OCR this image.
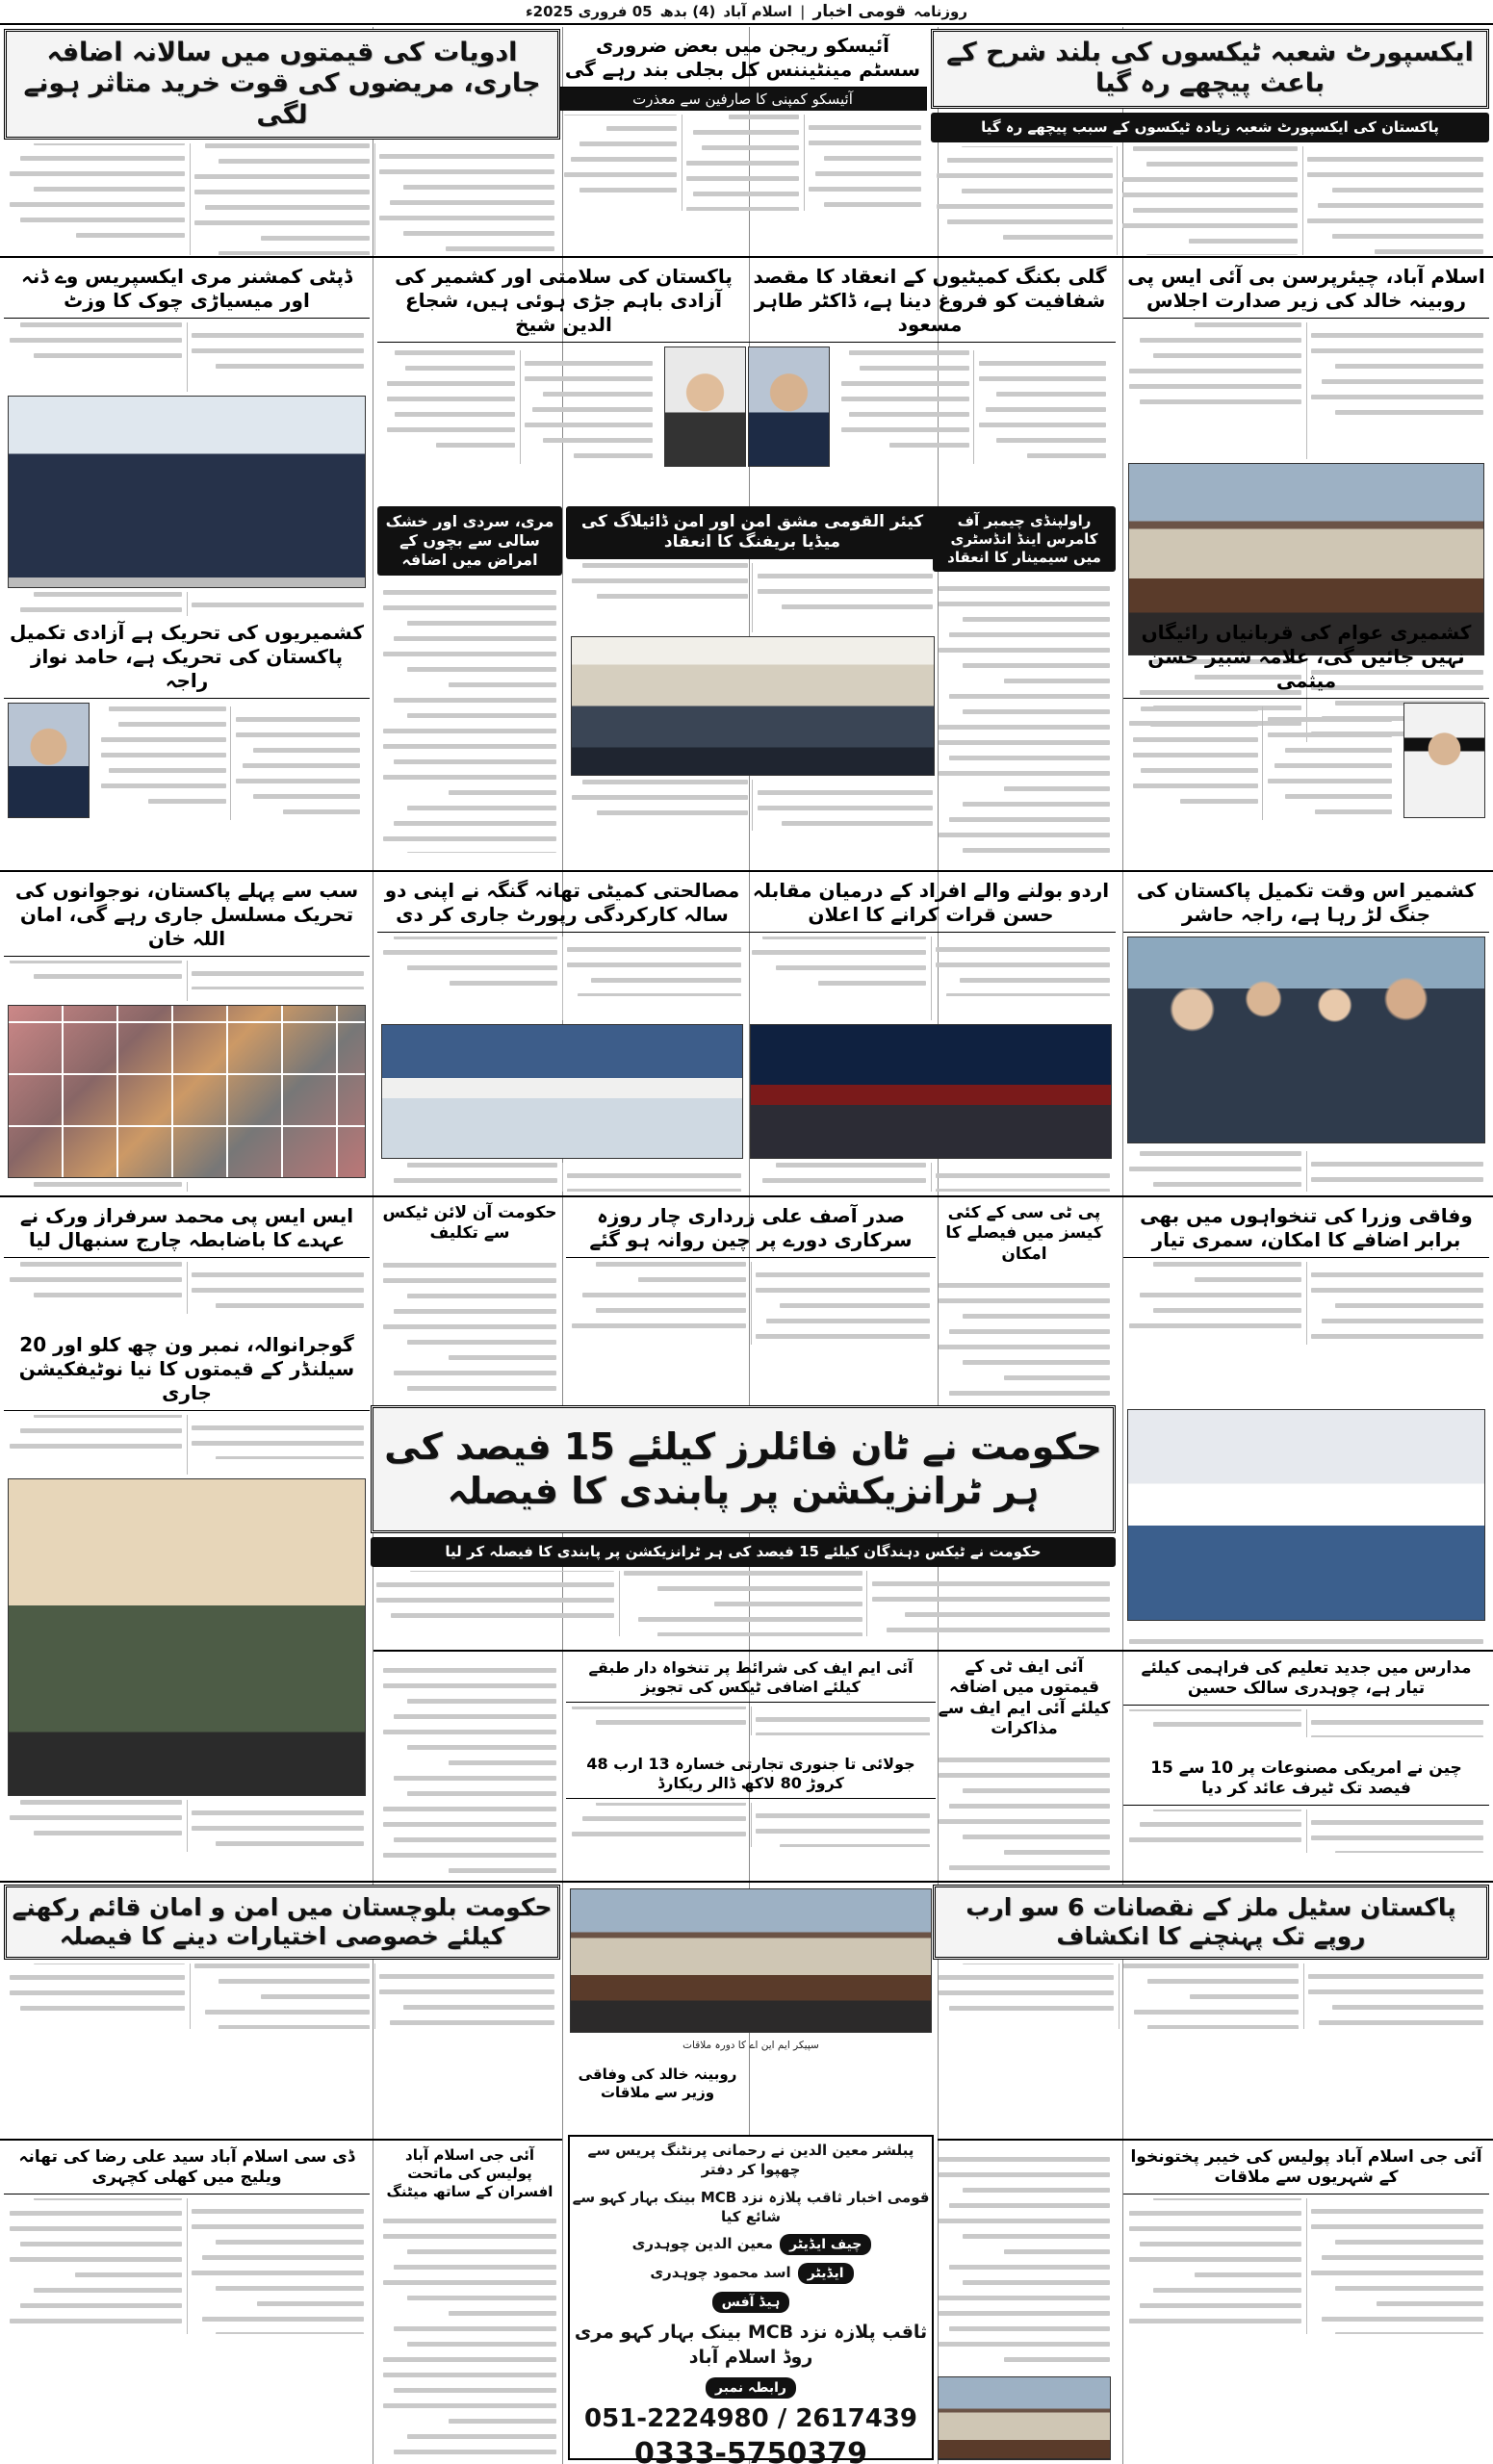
روزنامہ
قومی اخبار
|
اسلام آباد
(4) بدھ
05 فروری 2025ء
ایکسپورٹ شعبہ ٹیکسوں کی بلند شرح کے باعث پیچھے رہ گیا
پاکستان کی ایکسپورٹ شعبہ زیادہ ٹیکسوں کے سبب پیچھے رہ گیا
آئیسکو ریجن میں بعض ضروری سسٹم مینٹیننس کل بجلی بند رہے گی
آئیسکو کمپنی کا صارفین سے معذرت
ادویات کی قیمتوں میں سالانہ اضافہ جاری، مریضوں کی قوت خرید متاثر ہونے لگی
اسلام آباد، چیئرپرسن بی آئی ایس پی روبینہ خالد کی زیر صدارت اجلاس
گلی بکنگ کمیٹیوں کے انعقاد کا مقصد شفافیت کو فروغ دینا ہے، ڈاکٹر طاہر مسعود
پاکستان کی سلامتی اور کشمیر کی آزادی باہم جڑی ہوئی ہیں، شجاع الدین شیخ
ڈپٹی کمشنر مری ایکسپریس وے ڈنہ اور میسیاڑی چوک کا وزٹ
کیئر القومی مشق امن اور امن ڈائیلاگ کی میڈیا بریفنگ کا انعقاد
مری، سردی اور خشک سالی سے بچوں کے امراض میں اضافہ
راولپنڈی چیمبر آف کامرس اینڈ انڈسٹری میں سیمینار کا انعقاد
کشمیری عوام کی قربانیاں رائیگاں نہیں جائیں گی، علامہ شبیر حسن میثمی
کشمیریوں کی تحریک ہے آزادی تکمیل پاکستان کی تحریک ہے، حامد نواز راجہ
کشمیر اس وقت تکمیل پاکستان کی جنگ لڑ رہا ہے، راجہ حاشر
اردو بولنے والے افراد کے درمیان مقابلہ حسن قرات کرانے کا اعلان
مصالحتی کمیٹی تھانہ گنگہ نے اپنی دو سالہ کارکردگی رپورٹ جاری کر دی
سب سے پہلے پاکستان، نوجوانوں کی تحریک مسلسل جاری رہے گی، امان اللہ خان
وفاقی وزرا کی تنخواہوں میں بھی برابر اضافے کا امکان، سمری تیار
پی ٹی سی کے کئی کیسز میں فیصلے کا امکان
صدر آصف علی زرداری چار روزہ سرکاری دورے پر چین روانہ ہو گئے
حکومت آن لائن ٹیکس سے تکلیف
ایس ایس پی محمد سرفراز ورک نے عہدے کا باضابطہ چارج سنبھال لیا
گوجرانوالہ، نمبر ون چھ کلو اور 20 سیلنڈر کے قیمتوں کا نیا نوٹیفکیشن جاری
حکومت نے ٹان فائلرز کیلئے 15 فیصد کی ہر ٹرانزیکشن پر پابندی کا فیصلہ
حکومت نے ٹیکس دہندگان کیلئے 15 فیصد کی ہر ٹرانزیکشن پر پابندی کا فیصلہ کر لیا
مدارس میں جدید تعلیم کی فراہمی کیلئے تیار ہے، چوہدری سالک حسین
چین نے امریکی مصنوعات پر 10 سے 15 فیصد تک ٹیرف عائد کر دیا
آئی ایف ٹی کے قیمتوں میں اضافہ کیلئے آئی ایم ایف سے مذاکرات
آئی ایم ایف کی شرائط پر تنخواہ دار طبقے کیلئے اضافی ٹیکس کی تجویز
جولائی تا جنوری تجارتی خسارہ 13 ارب 48 کروڑ 80 لاکھ ڈالر ریکارڈ
پاکستان سٹیل ملز کے نقصانات 6 سو ارب روپے تک پہنچنے کا انکشاف
حکومت بلوچستان میں امن و امان قائم رکھنے کیلئے خصوصی اختیارات دینے کا فیصلہ
سپیکر ایم این اے کا دورہ ملاقات
روبینہ خالد کی وفاقی وزیر سے ملاقات
ڈی سی اسلام آباد سید علی رضا کی تھانہ ویلیج میں کھلی کچہری
آئی جی اسلام آباد پولیس کی ماتحت افسران کے ساتھ میٹنگ
پبلشر معین الدین نے رحمانی پرنٹنگ پریس سے چھپوا کر دفتر
قومی اخبار ثاقب پلازہ نزد MCB بینک بہار کہو سے شائع کیا
چیف ایڈیٹر معین الدین چوہدری
ایڈیٹر اسد محمود چوہدری
ہیڈ آفس
ثاقب پلازہ نزد MCB بینک بہار کہو مری روڈ اسلام آباد
رابطہ نمبر
051-2224980 / 2617439
0333-5750379
آئی جی اسلام آباد پولیس کی خیبر پختونخوا کے شہریوں سے ملاقات
